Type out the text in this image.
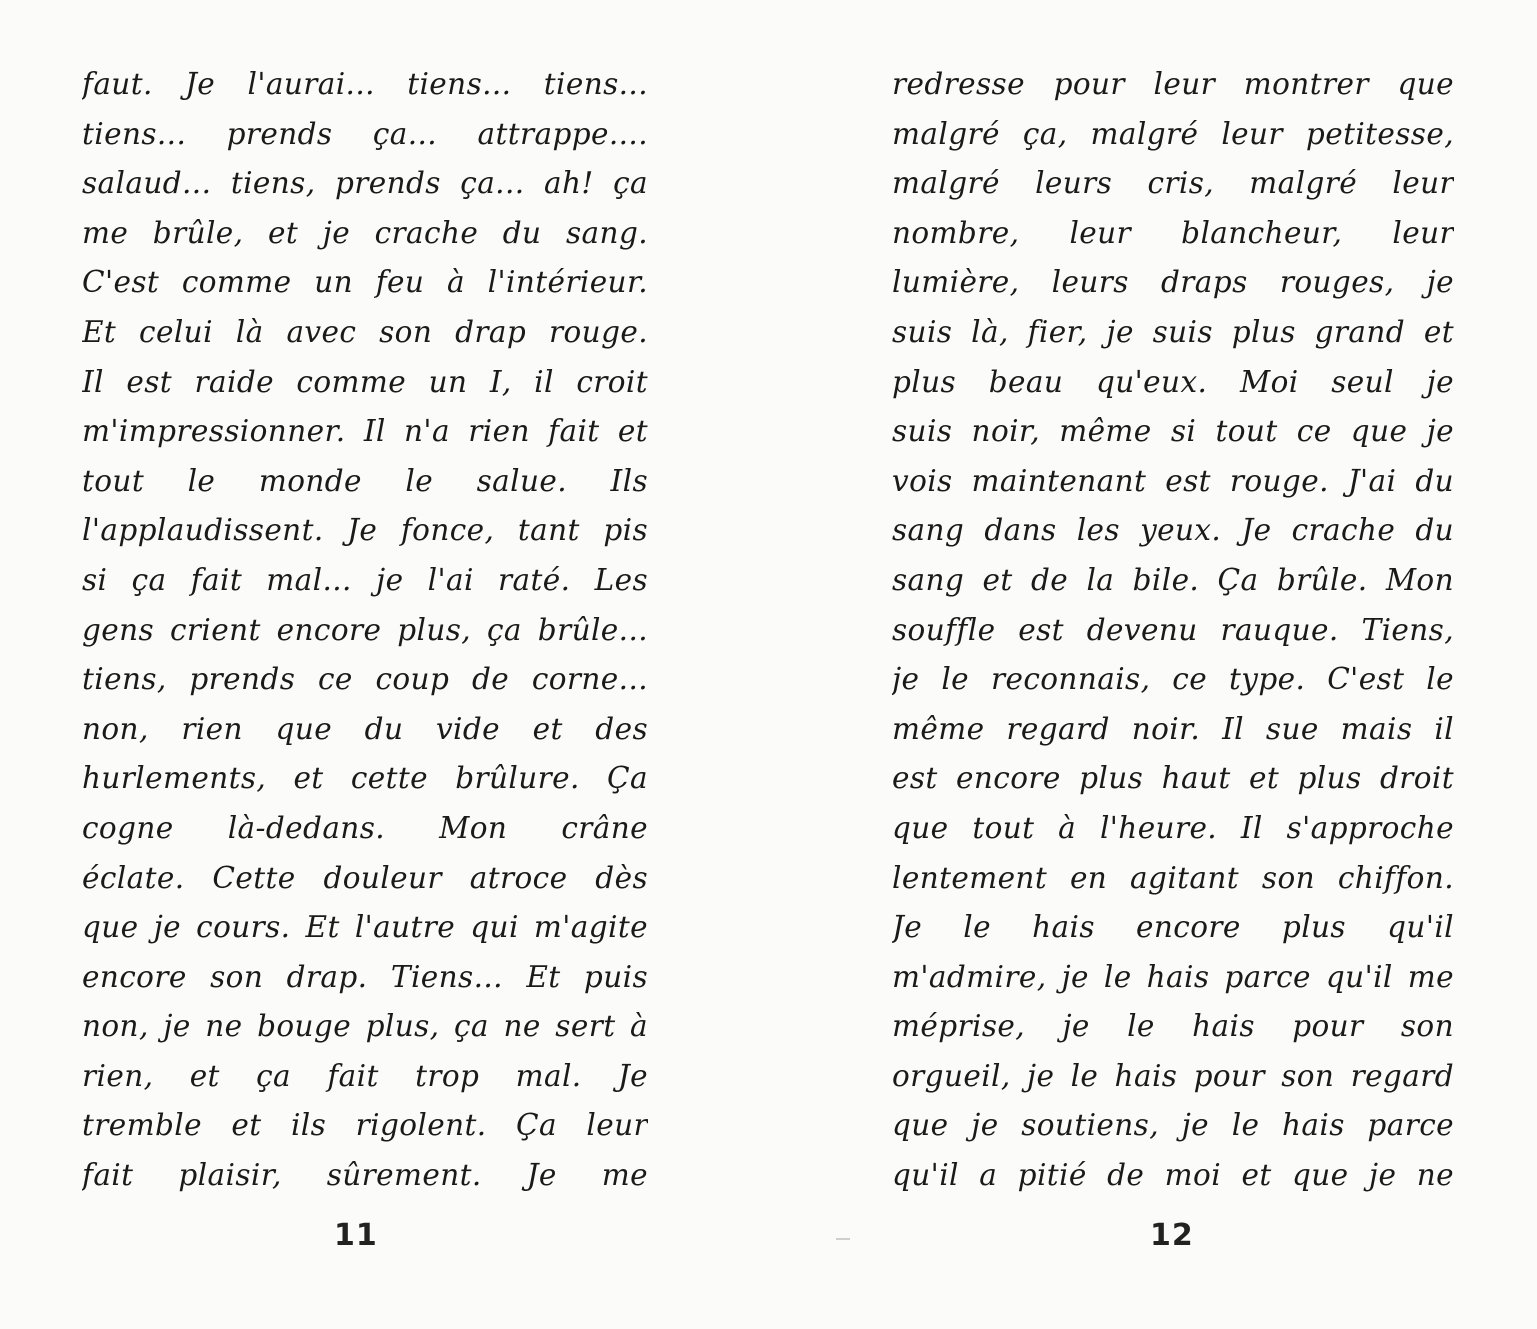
faut. Je l'aurai... tiens... tiens...
tiens... prends ça... attrappe....
salaud... tiens, prends ça... ah! ça
me brûle, et je crache du sang.
C'est comme un feu à l'intérieur.
Et celui là avec son drap rouge.
Il est raide comme un I, il croit
m'impressionner. Il n'a rien fait et
tout le monde le salue. Ils
l'applaudissent. Je fonce, tant pis
si ça fait mal... je l'ai raté. Les
gens crient encore plus, ça brûle...
tiens, prends ce coup de corne...
non, rien que du vide et des
hurlements, et cette brûlure. Ça
cogne là-dedans. Mon crâne
éclate. Cette douleur atroce dès
que je cours. Et l'autre qui m'agite
encore son drap. Tiens... Et puis
non, je ne bouge plus, ça ne sert à
rien, et ça fait trop mal. Je
tremble et ils rigolent. Ça leur
fait plaisir, sûrement. Je me
redresse pour leur montrer que
malgré ça, malgré leur petitesse,
malgré leurs cris, malgré leur
nombre, leur blancheur, leur
lumière, leurs draps rouges, je
suis là, fier, je suis plus grand et
plus beau qu'eux. Moi seul je
suis noir, même si tout ce que je
vois maintenant est rouge. J'ai du
sang dans les yeux. Je crache du
sang et de la bile. Ça brûle. Mon
souffle est devenu rauque. Tiens,
je le reconnais, ce type. C'est le
même regard noir. Il sue mais il
est encore plus haut et plus droit
que tout à l'heure. Il s'approche
lentement en agitant son chiffon.
Je le hais encore plus qu'il
m'admire, je le hais parce qu'il me
méprise, je le hais pour son
orgueil, je le hais pour son regard
que je soutiens, je le hais parce
qu'il a pitié de moi et que je ne
11	12
